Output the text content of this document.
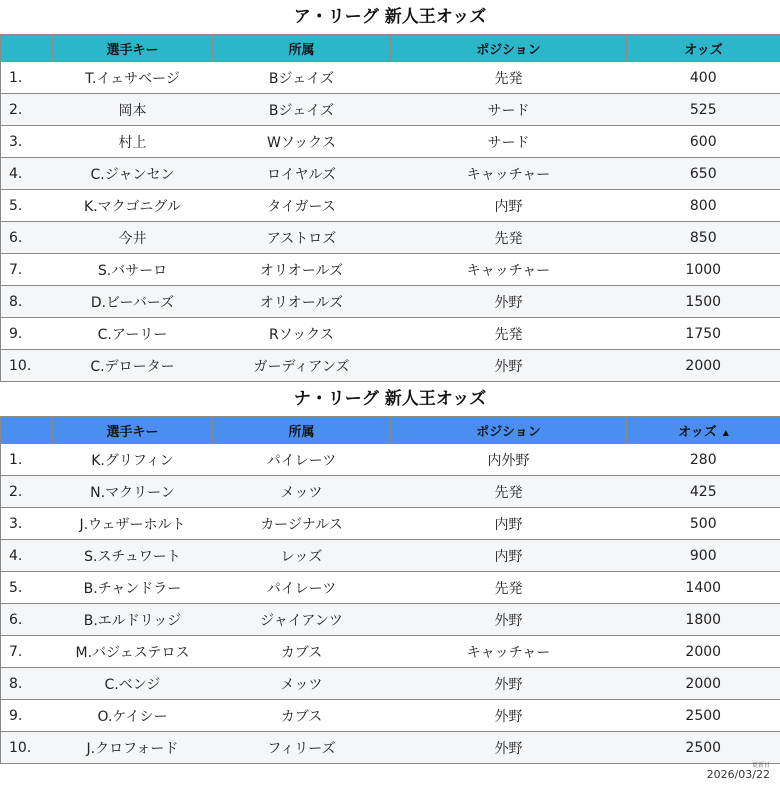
ア・リーグ 新人王オッズ
	選手キー	所属	ポジション	オッズ
1.	T.イェサベージ	Bジェイズ	先発	400
2.	岡本	Bジェイズ	サード	525
3.	村上	Wソックス	サード	600
4.	C.ジャンセン	ロイヤルズ	キャッチャー	650
5.	K.マクゴニグル	タイガース	内野	800
6.	今井	アストロズ	先発	850
7.	S.バサーロ	オリオールズ	キャッチャー	1000
8.	D.ビーバーズ	オリオールズ	外野	1500
9.	C.アーリー	Rソックス	先発	1750
10.	C.デローター	ガーディアンズ	外野	2000
ナ・リーグ 新人王オッズ
	選手キー	所属	ポジション	オッズ ▲
1.	K.グリフィン	パイレーツ	内外野	280
2.	N.マクリーン	メッツ	先発	425
3.	J.ウェザーホルト	カージナルス	内野	500
4.	S.スチュワート	レッズ	内野	900
5.	B.チャンドラー	パイレーツ	先発	1400
6.	B.エルドリッジ	ジャイアンツ	外野	1800
7.	M.バジェステロス	カブス	キャッチャー	2000
8.	C.ベンジ	メッツ	外野	2000
9.	O.ケイシー	カブス	外野	2500
10.	J.クロフォード	フィリーズ	外野	2500
更新日
2026/03/22
